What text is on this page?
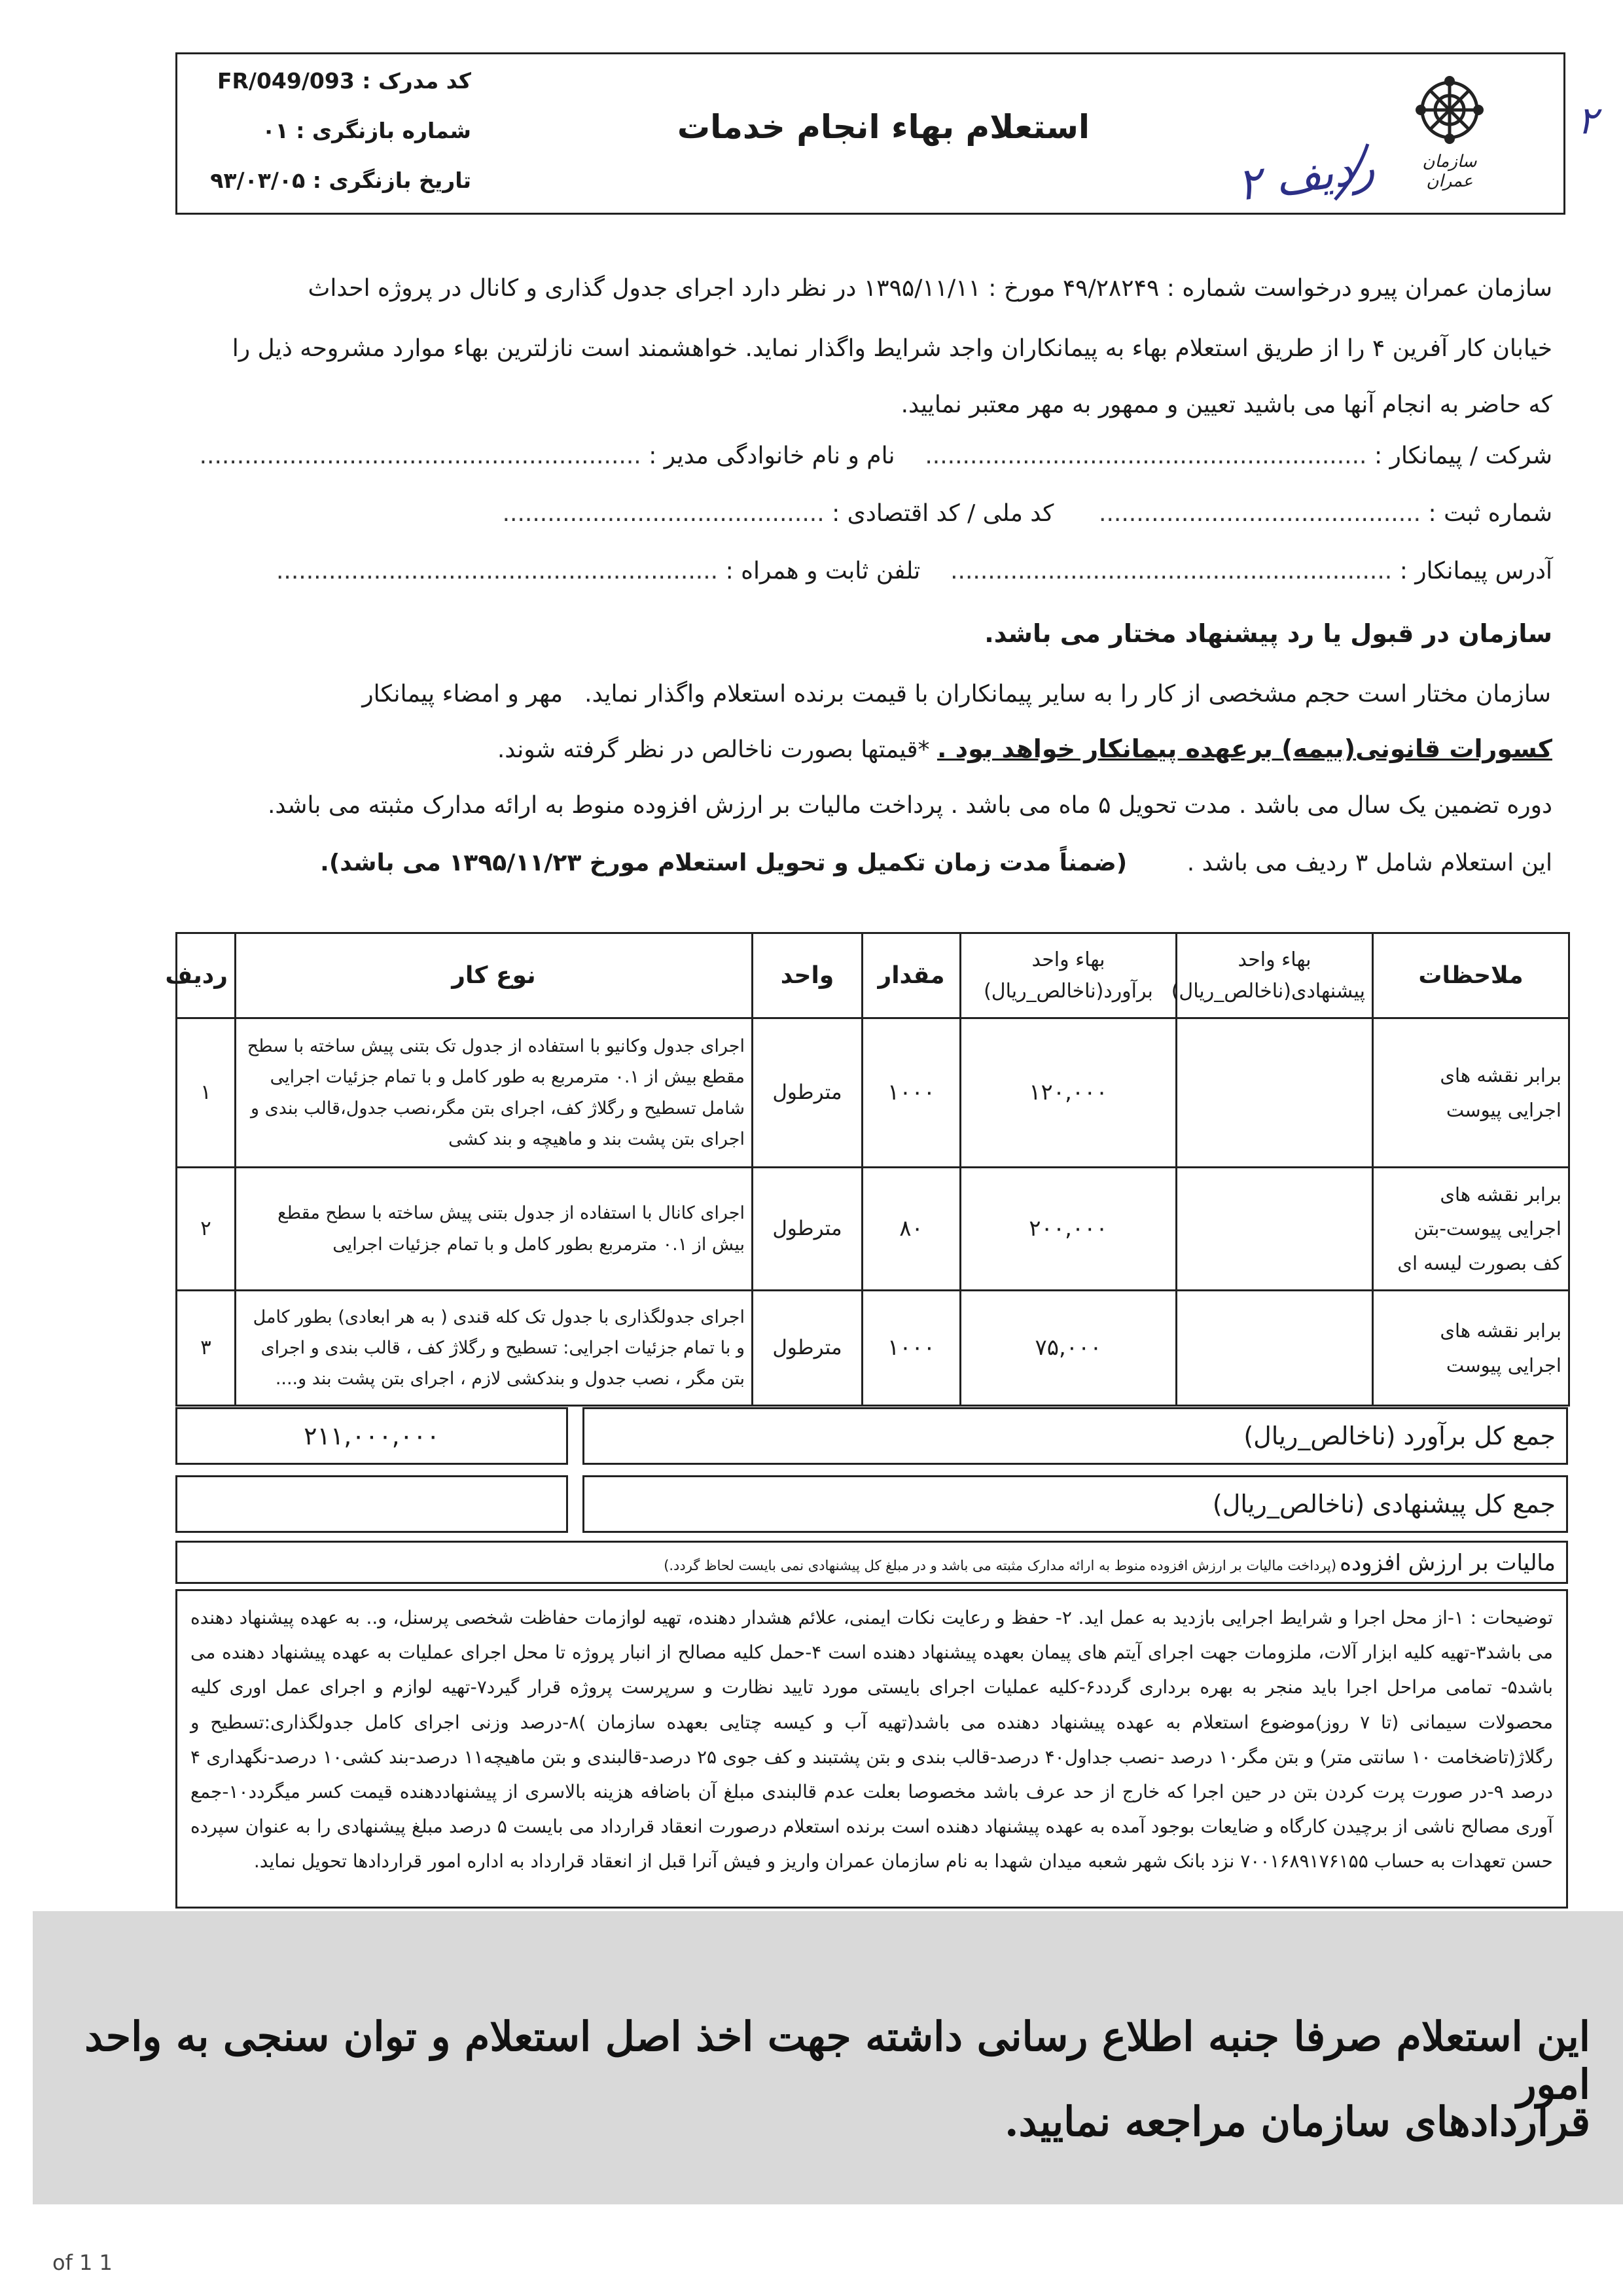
سازمان عمران
استعلام بهاء انجام خدمات
کد مدرک : FR/049/093
شماره بازنگری : ۰۱
تاریخ بازنگری : ۹۳/۰۳/۰۵	ردیف ۲
۲
سازمان عمران پیرو درخواست شماره : ۴۹/۲۸۲۴۹ مورخ : ۱۳۹۵/۱۱/۱۱ در نظر دارد اجرای جدول گذاری و کانال در پروژه احداث
خیابان کار آفرین ۴ را از طریق استعلام بهاء به پیمانکاران واجد شرایط واگذار نماید. خواهشمند است نازلترین بهاء موارد مشروحه ذیل را
که حاضر به انجام آنها می باشید تعیین و ممهور به مهر معتبر نمایید.
شرکت / پیمانکار : ...........................................................    نام و نام خانوادگی مدیر : ...........................................................
شماره ثبت : ...........................................      کد ملی / کد اقتصادی : ...........................................
آدرس پیمانکار : ...........................................................    تلفن ثابت و همراه : ...........................................................
سازمان در قبول یا رد پیشنهاد مختار می باشد.
سازمان مختار است حجم مشخصی از کار را به سایر پیمانکاران با قیمت برنده استعلام واگذار نماید.
مهر و امضاء پیمانکار
کسورات قانونی(بیمه) برعهده پیمانکار خواهد بود . *قیمتها بصورت ناخالص در نظر گرفته شوند.
دوره تضمین یک سال می باشد . مدت تحویل ۵ ماه می باشد . پرداخت مالیات بر ارزش افزوده منوط به ارائه مدارک مثبته می باشد.
این استعلام شامل ۳ ردیف می باشد .        (ضمناً مدت زمان تکمیل و تحویل استعلام مورخ ۱۳۹۵/۱۱/۲۳ می باشد).
ملاحظات	بهاء واحد پیشنهادی(ناخالص_ریال)	بهاء واحد برآورد(ناخالص_ریال)	مقدار	واحد	نوع کار	ردیف
برابر نقشه های اجرایی پیوست		۱۲۰,۰۰۰	۱۰۰۰	مترطول	اجرای جدول وکانیو با استفاده از جدول تک بتنی پیش ساخته با سطح مقطع بیش از ۰.۱ مترمربع به طور کامل و با تمام جزئیات اجرایی شامل تسطیح و رگلاژ کف، اجرای بتن مگر،نصب جدول،قالب بندی و اجرای بتن پشت بند و ماهیچه و بند کشی	۱
برابر نقشه های اجرایی پیوست-بتن کف بصورت لیسه ای		۲۰۰,۰۰۰	۸۰	مترطول	اجرای کانال با استفاده از جدول بتنی پیش ساخته با سطح مقطع بیش از ۰.۱ مترمربع بطور کامل و با تمام جزئیات اجرایی	۲
برابر نقشه های اجرایی پیوست		۷۵,۰۰۰	۱۰۰۰	مترطول	اجرای جدولگذاری با جدول تک کله قندی ( به هر ابعادی) بطور کامل و با تمام جزئیات اجرایی: تسطیح و رگلاژ کف ، قالب بندی و اجرای بتن مگر ، نصب جدول و بندکشی لازم ، اجرای بتن پشت بند و....	۳
۲۱۱,۰۰۰,۰۰۰	جمع کل برآورد (ناخالص_ریال)
جمع کل پیشنهادی (ناخالص_ریال)
مالیات بر ارزش افزوده (پرداخت مالیات بر ارزش افزوده منوط به ارائه مدارک مثبته می باشد و در مبلغ کل پیشنهادی نمی بایست لحاظ گردد.)
توضیحات : ۱-از محل اجرا و شرایط اجرایی بازدید به عمل اید. ۲- حفظ و رعایت نکات ایمنی، علائم هشدار دهنده، تهیه لوازمات حفاظت شخصی پرسنل، و.. به عهده پیشنهاد دهنده می باشد۳-تهیه کلیه ابزار آلات، ملزومات جهت اجرای آیتم های پیمان بعهده پیشنهاد دهنده است ۴-حمل کلیه مصالح از انبار پروژه تا محل اجرای عملیات به عهده پیشنهاد دهنده می باشد۵- تمامی مراحل اجرا باید منجر به بهره برداری گردد۶-کلیه عملیات اجرای بایستی مورد تایید نظارت و سرپرست پروژه قرار گیرد۷-تهیه لوازم و اجرای عمل اوری کلیه محصولات سیمانی (تا ۷ روز)موضوع استعلام به عهده پیشنهاد دهنده می باشد(تهیه آب و کیسه چتایی بعهده سازمان )۸-درصد وزنی اجرای کامل جدولگذاری:تسطیح و رگلاژ(تاضخامت ۱۰ سانتی متر) و بتن مگر۱۰ درصد -نصب جداول۴۰ درصد-قالب بندی و بتن پشتبند و کف جوی ۲۵ درصد-قالبندی و بتن ماهیچه۱۱ درصد-بند کشی۱۰ درصد-نگهداری ۴ درصد ۹-در صورت پرت کردن بتن در حین اجرا که خارج از حد عرف باشد مخصوصا بعلت عدم قالبندی مبلغ آن باضافه هزینه بالاسری از پیشنهاددهنده قیمت کسر میگردد۱۰-جمع آوری مصالح ناشی از برچیدن کارگاه و ضایعات بوجود آمده به عهده پیشنهاد دهنده است برنده استعلام درصورت انعقاد قرارداد می بایست ۵ درصد مبلغ پیشنهادی را به عنوان سپرده حسن تعهدات به حساب ۷۰۰۱۶۸۹۱۷۶۱۵۵ نزد بانک شهر شعبه میدان شهدا به نام سازمان عمران واریز و فیش آنرا قبل از انعقاد قرارداد به اداره امور قراردادها تحویل نماید.
این استعلام صرفا جنبه اطلاع رسانی داشته جهت اخذ اصل استعلام و توان سنجی به واحد امور
قراردادهای سازمان مراجعه نمایید.
of 1 1
